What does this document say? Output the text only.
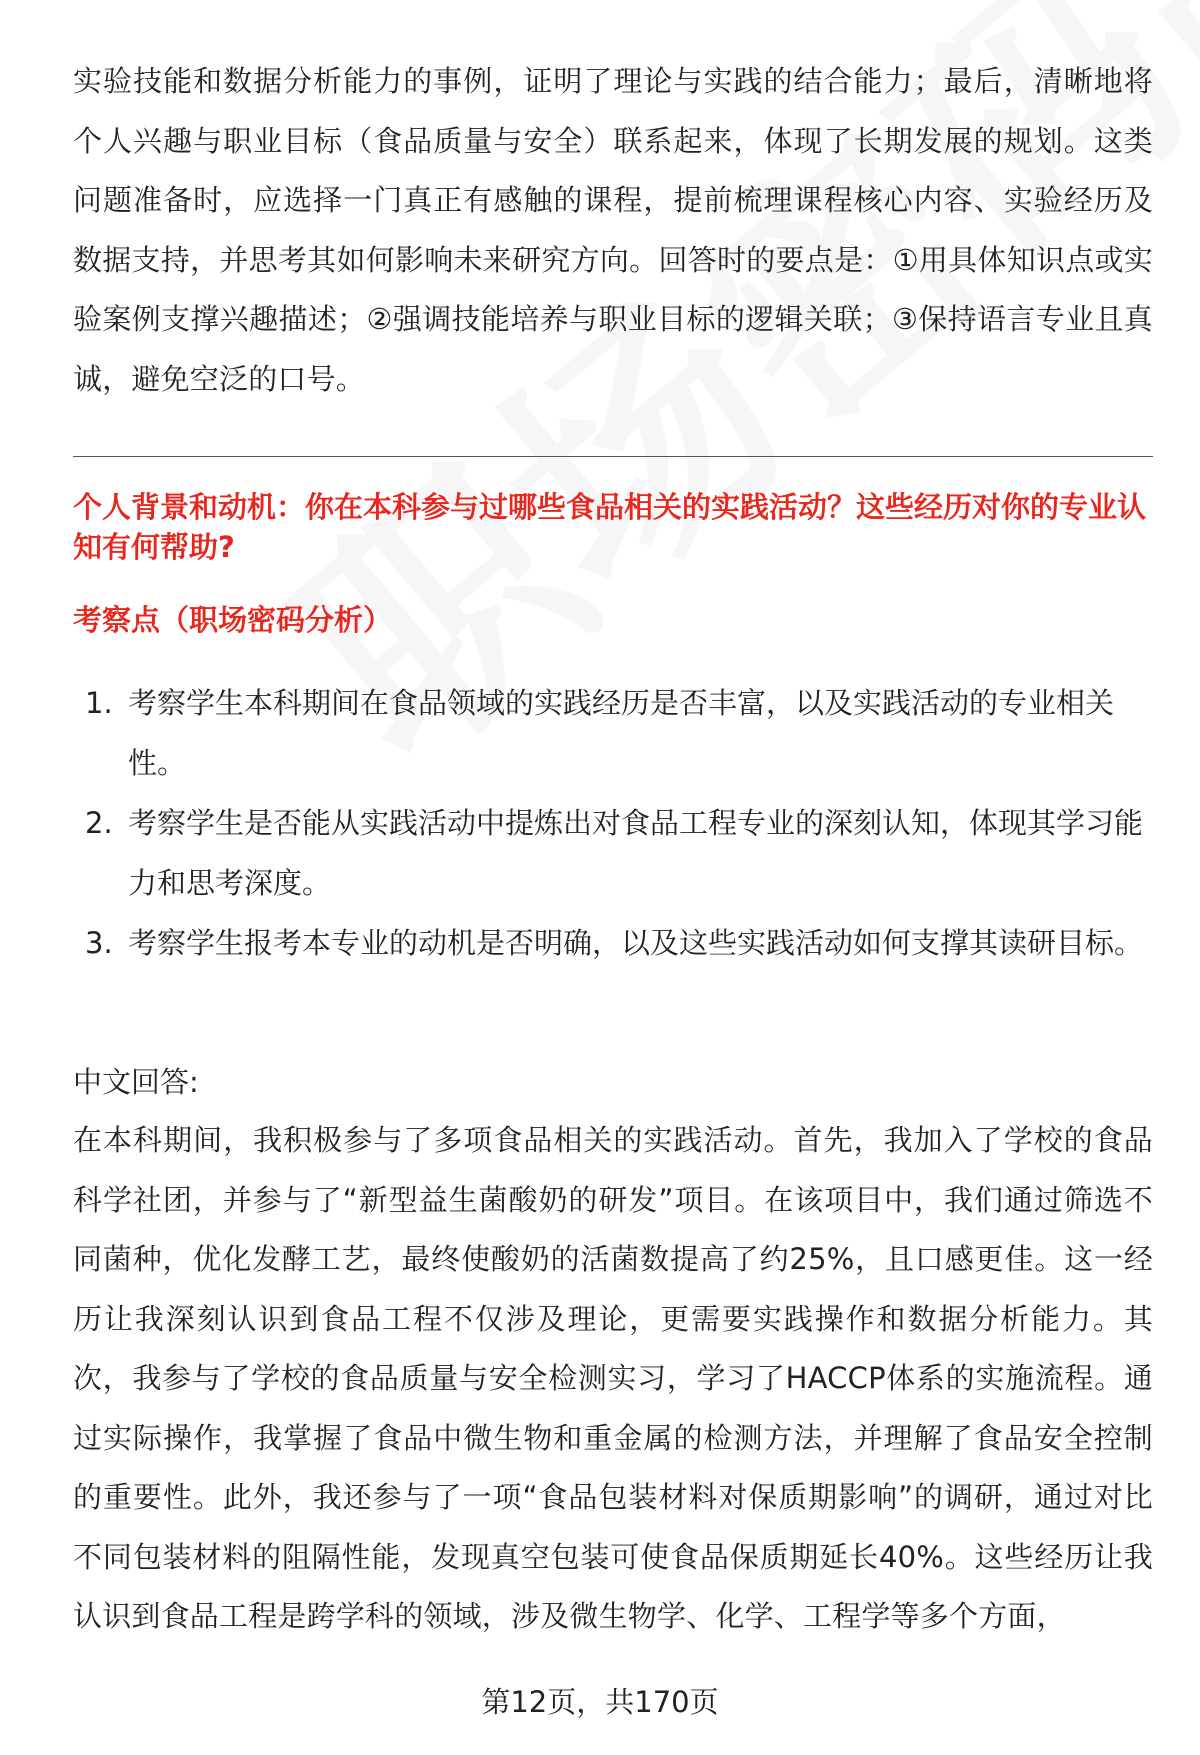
实验技能和数据分析能力的事例，证明了理论与实践的结合能力；最后，清晰地将个人兴趣与职业目标（食品质量与安全）联系起来，体现了长期发展的规划。这类问题准备时，应选择一门真正有感触的课程，提前梳理课程核心内容、实验经历及数据支持，并思考其如何影响未来研究方向。回答时的要点是：①用具体知识点或实验案例支撑兴趣描述；②强调技能培养与职业目标的逻辑关联；③保持语言专业且真诚，避免空泛的口号。

个人背景和动机：你在本科参与过哪些食品相关的实践活动？这些经历对你的专业认知有何帮助?

考察点（职场密码分析）

1. 考察学生本科期间在食品领域的实践经历是否丰富，以及实践活动的专业相关性。
2. 考察学生是否能从实践活动中提炼出对食品工程专业的深刻认知，体现其学习能力和思考深度。
3. 考察学生报考本专业的动机是否明确，以及这些实践活动如何支撑其读研目标。

中文回答:

在本科期间，我积极参与了多项食品相关的实践活动。首先，我加入了学校的食品科学社团，并参与了“新型益生菌酸奶的研发”项目。在该项目中，我们通过筛选不同菌种，优化发酵工艺，最终使酸奶的活菌数提高了约25%，且口感更佳。这一经历让我深刻认识到食品工程不仅涉及理论，更需要实践操作和数据分析能力。其次，我参与了学校的食品质量与安全检测实习，学习了HACCP体系的实施流程。通过实际操作，我掌握了食品中微生物和重金属的检测方法，并理解了食品安全控制的重要性。此外，我还参与了一项“食品包装材料对保质期影响”的调研，通过对比不同包装材料的阻隔性能，发现真空包装可使食品保质期延长40%。这些经历让我认识到食品工程是跨学科的领域，涉及微生物学、化学、工程学等多个方面，

第12页，共170页
